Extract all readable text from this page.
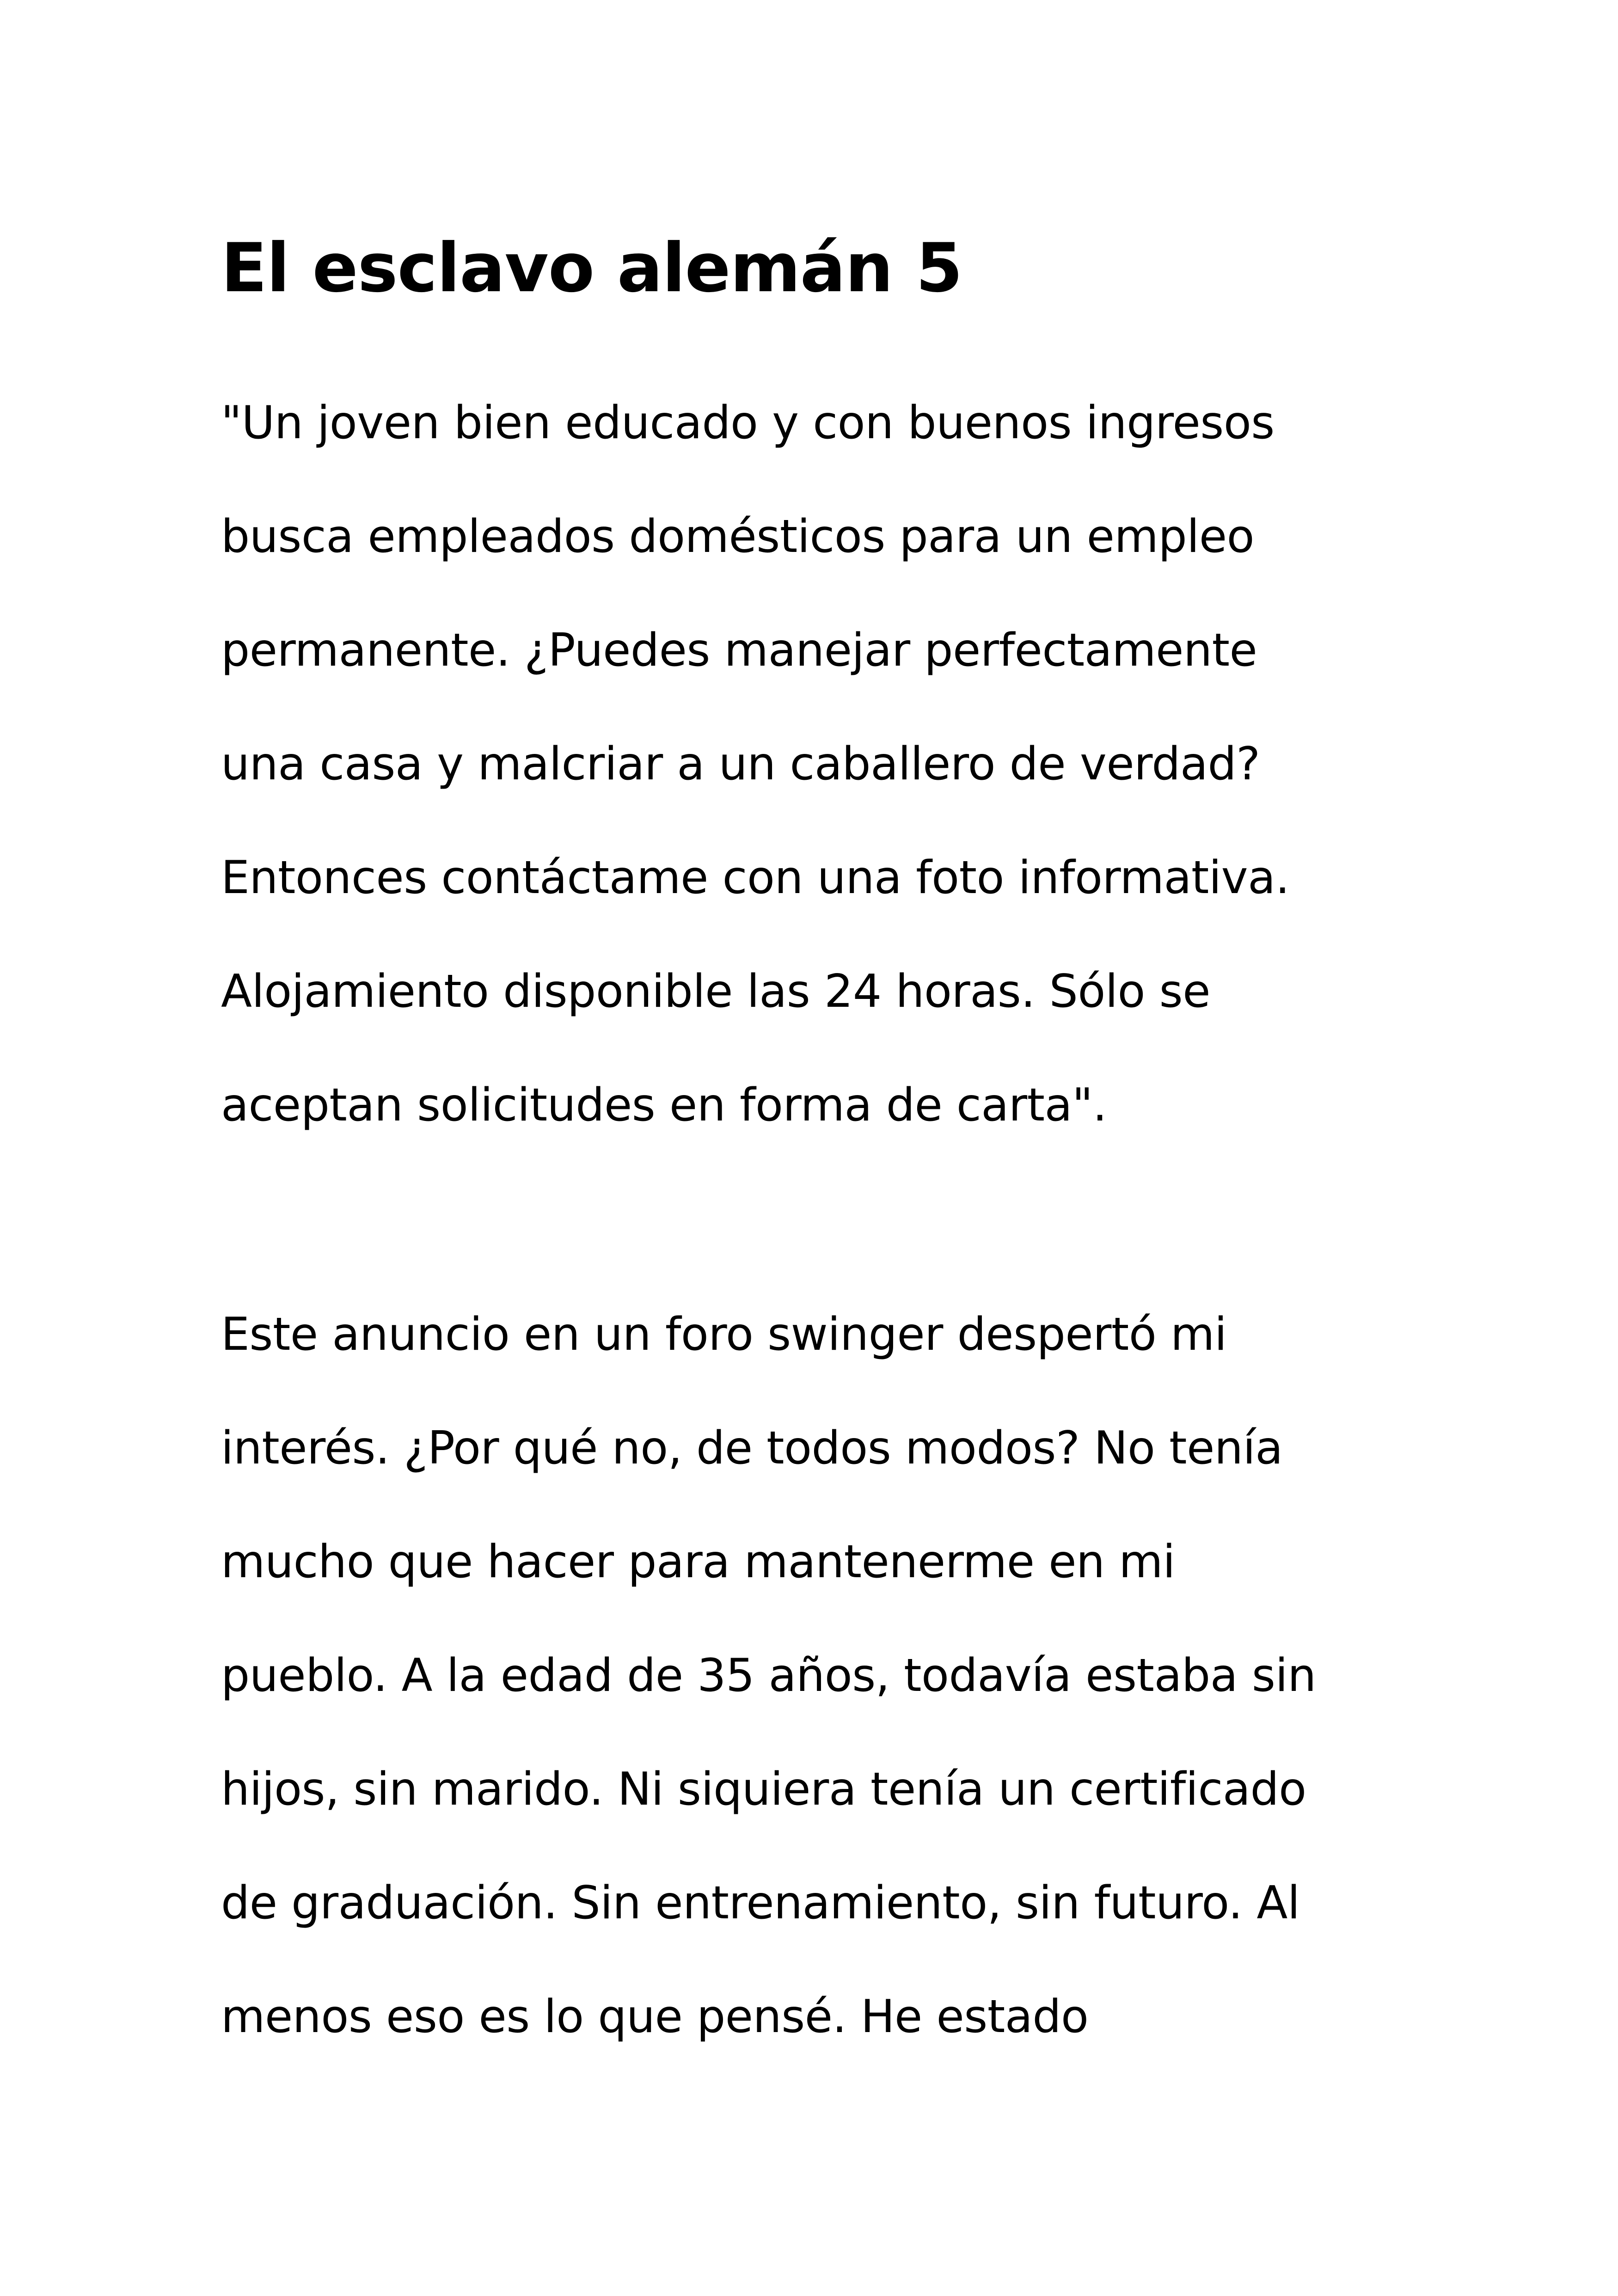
El esclavo alemán 5
"Un joven bien educado y con buenos ingresos
busca empleados domésticos para un empleo
permanente. ¿Puedes manejar perfectamente
una casa y malcriar a un caballero de verdad?
Entonces contáctame con una foto informativa.
Alojamiento disponible las 24 horas. Sólo se
aceptan solicitudes en forma de carta".
Este anuncio en un foro swinger despertó mi
interés. ¿Por qué no, de todos modos? No tenía
mucho que hacer para mantenerme en mi
pueblo. A la edad de 35 años, todavía estaba sin
hijos, sin marido. Ni siquiera tenía un certificado
de graduación. Sin entrenamiento, sin futuro. Al
menos eso es lo que pensé. He estado
